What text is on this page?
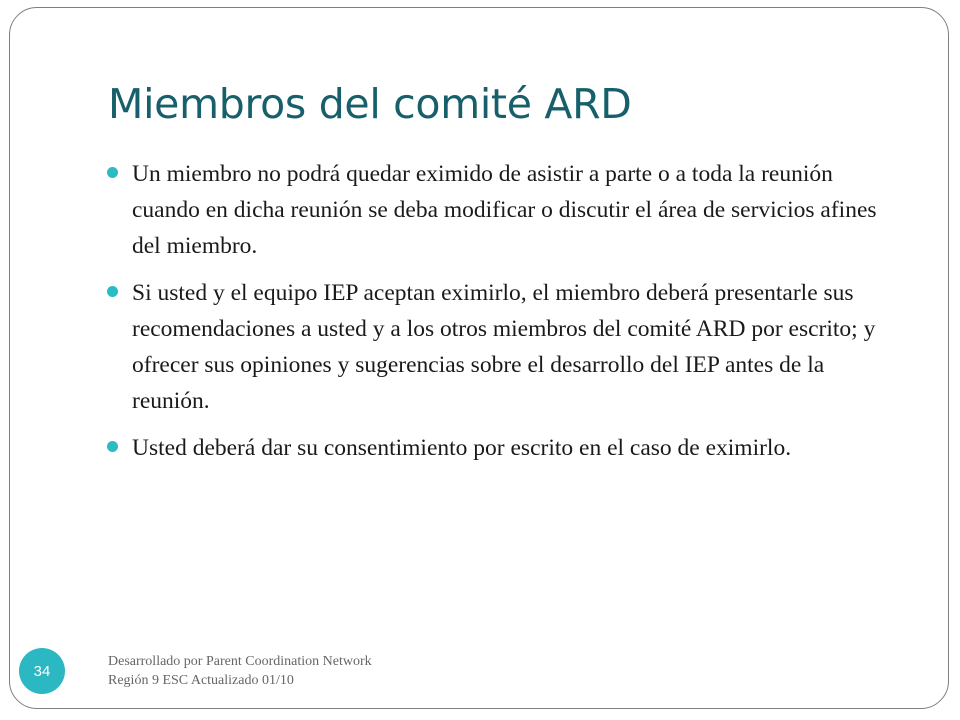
Miembros del comité ARD
Un miembro no podrá quedar eximido de asistir a parte o a toda la reunión cuando en dicha reunión se deba modificar o discutir el área de servicios afines del miembro.
Si usted y el equipo IEP aceptan eximirlo, el miembro deberá presentarle sus recomendaciones a usted y a los otros miembros del comité ARD por escrito; y ofrecer sus opiniones y sugerencias sobre el desarrollo del IEP antes de la reunión.
Usted deberá dar su consentimiento por escrito en el caso de eximirlo.
34
Desarrollado por Parent Coordination Network
Región 9 ESC Actualizado 01/10
